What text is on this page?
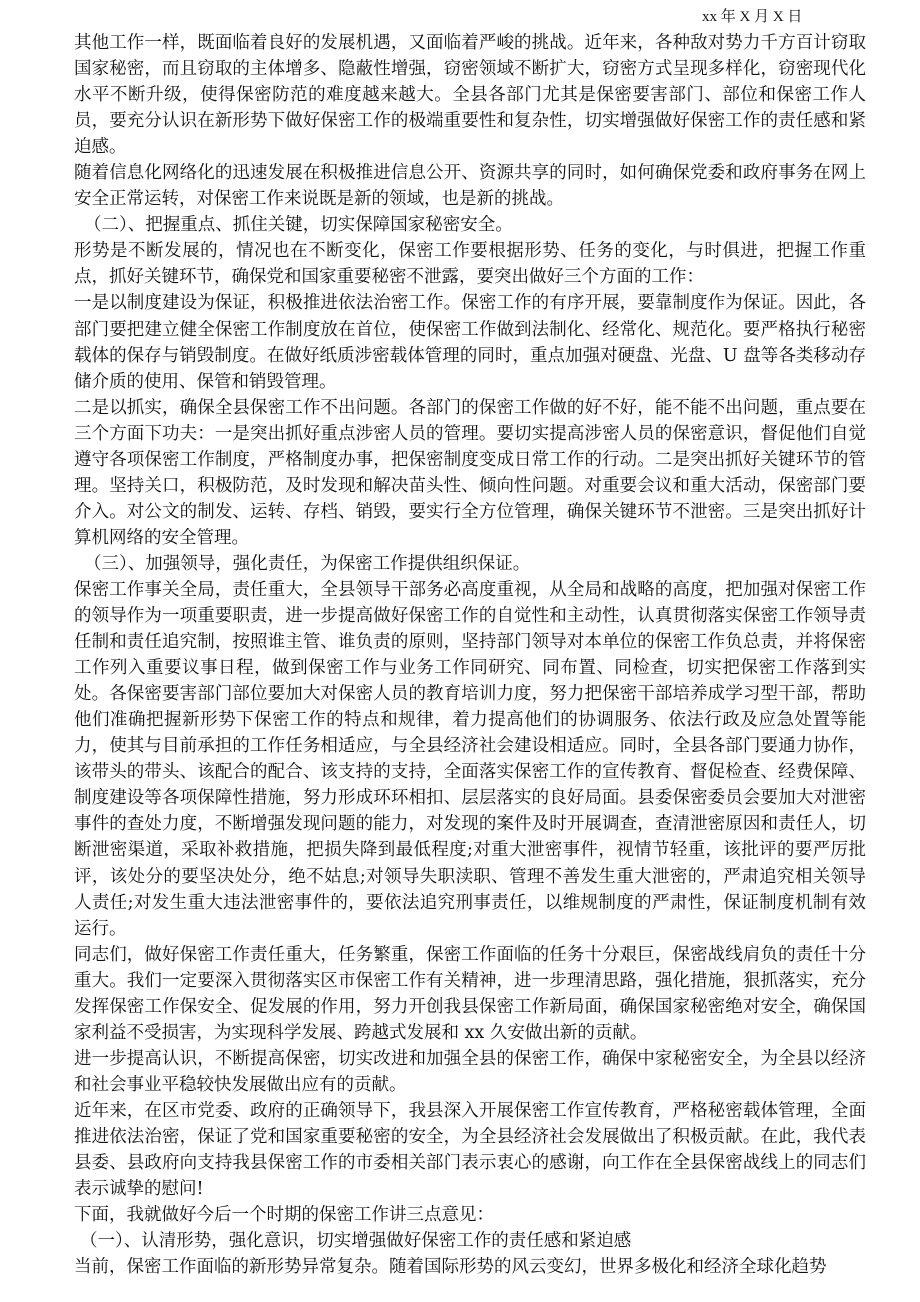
xx 年 X 月 X 日

其他工作一样，既面临着良好的发展机遇，又面临着严峻的挑战。近年来，各种敌对势力千方百计窃取国家秘密，而且窃取的主体增多、隐蔽性增强，窃密领域不断扩大，窃密方式呈现多样化，窃密现代化水平不断升级，使得保密防范的难度越来越大。全县各部门尤其是保密要害部门、部位和保密工作人员，要充分认识在新形势下做好保密工作的极端重要性和复杂性，切实增强做好保密工作的责任感和紧迫感。

随着信息化网络化的迅速发展在积极推进信息公开、资源共享的同时，如何确保党委和政府事务在网上安全正常运转，对保密工作来说既是新的领域，也是新的挑战。

（二）、把握重点、抓住关键，切实保障国家秘密安全。

形势是不断发展的，情况也在不断变化，保密工作要根据形势、任务的变化，与时俱进，把握工作重点，抓好关键环节，确保党和国家重要秘密不泄露，要突出做好三个方面的工作：

一是以制度建设为保证，积极推进依法治密工作。保密工作的有序开展，要靠制度作为保证。因此，各部门要把建立健全保密工作制度放在首位，使保密工作做到法制化、经常化、规范化。要严格执行秘密载体的保存与销毁制度。在做好纸质涉密载体管理的同时，重点加强对硬盘、光盘、U 盘等各类移动存储介质的使用、保管和销毁管理。

二是以抓实，确保全县保密工作不出问题。各部门的保密工作做的好不好，能不能不出问题，重点要在三个方面下功夫：一是突出抓好重点涉密人员的管理。要切实提高涉密人员的保密意识，督促他们自觉遵守各项保密工作制度，严格制度办事，把保密制度变成日常工作的行动。二是突出抓好关键环节的管理。坚持关口，积极防范，及时发现和解决苗头性、倾向性问题。对重要会议和重大活动，保密部门要介入。对公文的制发、运转、存档、销毁，要实行全方位管理，确保关键环节不泄密。三是突出抓好计算机网络的安全管理。

（三）、加强领导，强化责任，为保密工作提供组织保证。

保密工作事关全局，责任重大，全县领导干部务必高度重视，从全局和战略的高度，把加强对保密工作的领导作为一项重要职责，进一步提高做好保密工作的自觉性和主动性，认真贯彻落实保密工作领导责任制和责任追究制，按照谁主管、谁负责的原则，坚持部门领导对本单位的保密工作负总责，并将保密工作列入重要议事日程，做到保密工作与业务工作同研究、同布置、同检查，切实把保密工作落到实处。各保密要害部门部位要加大对保密人员的教育培训力度，努力把保密干部培养成学习型干部，帮助他们准确把握新形势下保密工作的特点和规律，着力提高他们的协调服务、依法行政及应急处置等能力，使其与目前承担的工作任务相适应，与全县经济社会建设相适应。同时，全县各部门要通力协作，该带头的带头、该配合的配合、该支持的支持，全面落实保密工作的宣传教育、督促检查、经费保障、制度建设等各项保障性措施，努力形成环环相扣、层层落实的良好局面。县委保密委员会要加大对泄密事件的查处力度，不断增强发现问题的能力，对发现的案件及时开展调查，查清泄密原因和责任人，切断泄密渠道，采取补救措施，把损失降到最低程度;对重大泄密事件，视情节轻重，该批评的要严厉批评，该处分的要坚决处分，绝不姑息;对领导失职渎职、管理不善发生重大泄密的，严肃追究相关领导人责任;对发生重大违法泄密事件的，要依法追究刑事责任，以维规制度的严肃性，保证制度机制有效运行。

同志们，做好保密工作责任重大，任务繁重，保密工作面临的任务十分艰巨，保密战线肩负的责任十分重大。我们一定要深入贯彻落实区市保密工作有关精神，进一步理清思路，强化措施，狠抓落实，充分发挥保密工作保安全、促发展的作用，努力开创我县保密工作新局面，确保国家秘密绝对安全，确保国家利益不受损害，为实现科学发展、跨越式发展和 xx 久安做出新的贡献。

进一步提高认识，不断提高保密，切实改进和加强全县的保密工作，确保中家秘密安全，为全县以经济和社会事业平稳较快发展做出应有的贡献。

近年来，在区市党委、政府的正确领导下，我县深入开展保密工作宣传教育，严格秘密载体管理，全面推进依法治密，保证了党和国家重要秘密的安全，为全县经济社会发展做出了积极贡献。在此，我代表县委、县政府向支持我县保密工作的市委相关部门表示衷心的感谢，向工作在全县保密战线上的同志们表示诚挚的慰问!

下面，我就做好今后一个时期的保密工作讲三点意见：

（一）、认清形势，强化意识，切实增强做好保密工作的责任感和紧迫感

当前，保密工作面临的新形势异常复杂。随着国际形势的风云变幻，世界多极化和经济全球化趋势
